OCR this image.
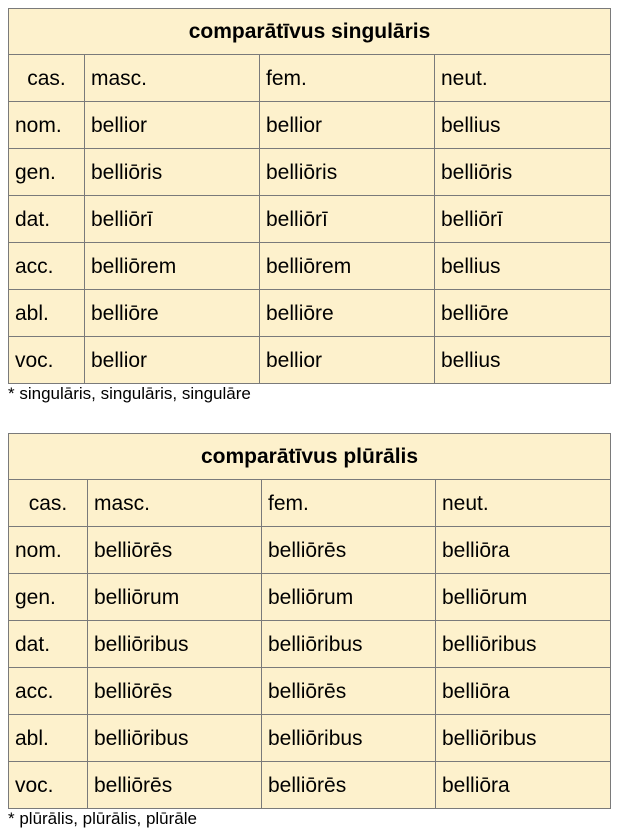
comparātīvus singulāris			
cas.	masc.	fem.	neut.
nom.	bellior	bellior	bellius
gen.	belliōris	belliōris	belliōris
dat.	belliōrī	belliōrī	belliōrī
acc.	belliōrem	belliōrem	bellius
abl.	belliōre	belliōre	belliōre
voc.	bellior	bellior	bellius
* singulāris, singulāris, singulāre
comparātīvus plūrālis			
cas.	masc.	fem.	neut.
nom.	belliōrēs	belliōrēs	belliōra
gen.	belliōrum	belliōrum	belliōrum
dat.	belliōribus	belliōribus	belliōribus
acc.	belliōrēs	belliōrēs	belliōra
abl.	belliōribus	belliōribus	belliōribus
voc.	belliōrēs	belliōrēs	belliōra
* plūrālis, plūrālis, plūrāle
